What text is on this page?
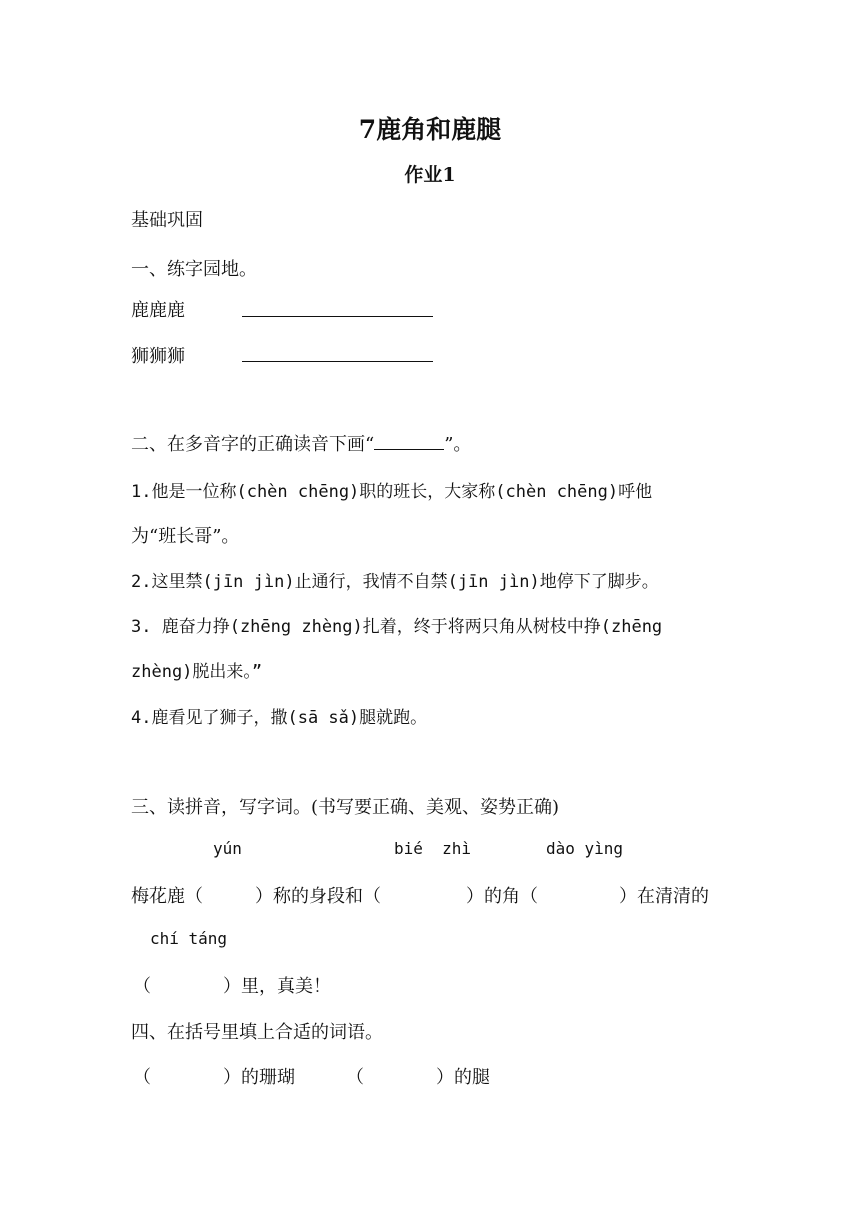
7鹿角和鹿腿
作业1
基础巩固
一、练字园地。
鹿鹿鹿
狮狮狮
二、在多音字的正确读音下画“	”。
1.他是一位称(chèn chēng)职的班长，大家称(chèn chēng)呼他
为“班长哥”。
2.这里禁(jīn jìn)止通行，我情不自禁(jīn jìn)地停下了脚步。
3. 鹿奋力挣(zhēng zhèng)扎着，终于将两只角从树枝中挣(zhēng
zhèng)脱出来。”
4.鹿看见了狮子，撒(sā sǎ)腿就跑。
三、读拼音，写字词。(书写要正确、美观、姿势正确)
yún	bié  zhì	dào yìng
梅花鹿（	）称的身段和（	）的角（	）在清清的
chí táng
（	）里，真美！
四、在括号里填上合适的词语。
（	）的珊瑚	（	）的腿
